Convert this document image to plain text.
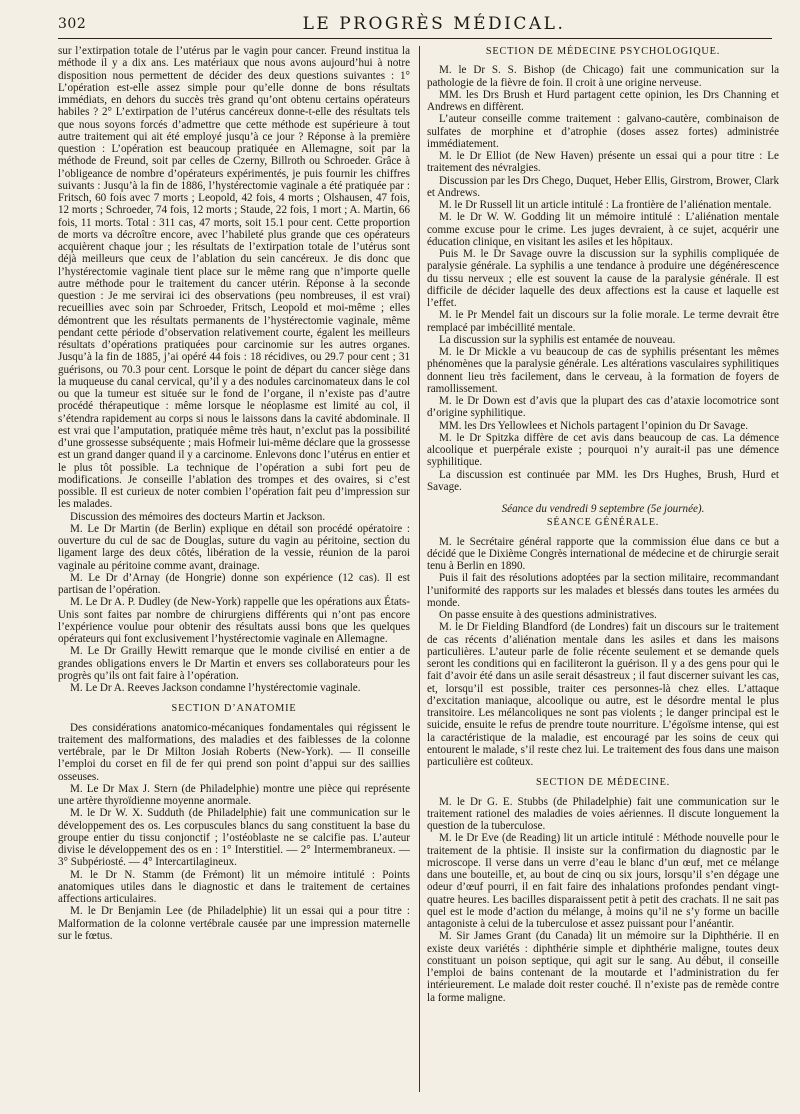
302	LE PROGRÈS MÉDICAL.

sur l’extirpation totale de l’utérus par le vagin pour cancer. Freund institua la méthode il y a dix ans. Les matériaux que nous avons aujourd’hui à notre disposition nous permettent de décider des deux questions suivantes : 1° L’opération est-elle assez simple pour qu’elle donne de bons résultats immédiats, en dehors du succès très grand qu’ont obtenu certains opérateurs habiles ? 2° L’extirpation de l’utérus cancéreux donne-t-elle des résultats tels que nous soyons forcés d’admettre que cette méthode est supérieure à tout autre traitement qui ait été employé jusqu’à ce jour ? Réponse à la première question : L’opération est beaucoup pratiquée en Allemagne, soit par la méthode de Freund, soit par celles de Czerny, Billroth ou Schroeder. Grâce à l’obligeance de nombre d’opérateurs expérimentés, je puis fournir les chiffres suivants : Jusqu’à la fin de 1886, l’hystérectomie vaginale a été pratiquée par : Fritsch, 60 fois avec 7 morts ; Leopold, 42 fois, 4 morts ; Olshausen, 47 fois, 12 morts ; Schroeder, 74 fois, 12 morts ; Staude, 22 fois, 1 mort ; A. Martin, 66 fois, 11 morts. Total : 311 cas, 47 morts, soit 15.1 pour cent. Cette proportion de morts va décroître encore, avec l’habileté plus grande que ces opérateurs acquièrent chaque jour ; les résultats de l’extirpation totale de l’utérus sont déjà meilleurs que ceux de l’ablation du sein cancéreux. Je dis donc que l’hystérectomie vaginale tient place sur le même rang que n’importe quelle autre méthode pour le traitement du cancer utérin. Réponse à la seconde question : Je me servirai ici des observations (peu nombreuses, il est vrai) recueillies avec soin par Schroeder, Fritsch, Leopold et moi-même ; elles démontrent que les résultats permanents de l’hystérectomie vaginale, même pendant cette période d’observation relativement courte, égalent les meilleurs résultats d’opérations pratiquées pour carcinomie sur les autres organes. Jusqu’à la fin de 1885, j’ai opéré 44 fois : 18 récidives, ou 29.7 pour cent ; 31 guérisons, ou 70.3 pour cent. Lorsque le point de départ du cancer siège dans la muqueuse du canal cervical, qu’il y a des nodules carcinomateux dans le col ou que la tumeur est située sur le fond de l’organe, il n’existe pas d’autre procédé thérapeutique : même lorsque le néoplasme est limité au col, il s’étendra rapidement au corps si nous le laissons dans la cavité abdominale. Il est vrai que l’amputation, pratiquée même très haut, n’exclut pas la possibilité d’une grossesse subséquente ; mais Hofmeir lui-même déclare que la grossesse est un grand danger quand il y a carcinome. Enlevons donc l’utérus en entier et le plus tôt possible. La technique de l’opération a subi fort peu de modifications. Je conseille l’ablation des trompes et des ovaires, si c’est possible. Il est curieux de noter combien l’opération fait peu d’impression sur les malades.

Discussion des mémoires des docteurs Martin et Jackson.

M. Le Dr Martin (de Berlin) explique en détail son procédé opératoire : ouverture du cul de sac de Douglas, suture du vagin au péritoine, section du ligament large des deux côtés, libération de la vessie, réunion de la paroi vaginale au péritoine comme avant, drainage.

M. Le Dr d’Arnay (de Hongrie) donne son expérience (12 cas). Il est partisan de l’opération.

M. Le Dr A. P. Dudley (de New-York) rappelle que les opérations aux États-Unis sont faites par nombre de chirurgiens différents qui n’ont pas encore l’expérience voulue pour obtenir des résultats aussi bons que les quelques opérateurs qui font exclusivement l’hystérectomie vaginale en Allemagne.

M. Le Dr Grailly Hewitt remarque que le monde civilisé en entier a de grandes obligations envers le Dr Martin et envers ses collaborateurs pour les progrès qu’ils ont fait faire à l’opération.

M. Le Dr A. Reeves Jackson condamne l’hystérectomie vaginale.

SECTION D’ANATOMIE

Des considérations anatomico-mécaniques fondamentales qui régissent le traitement des malformations, des maladies et des faiblesses de la colonne vertébrale, par le Dr Milton Josiah Roberts (New-York). — Il conseille l’emploi du corset en fil de fer qui prend son point d’appui sur des saillies osseuses.

M. Le Dr Max J. Stern (de Philadelphie) montre une pièce qui représente une artère thyroïdienne moyenne anormale.

M. le Dr W. X. Sudduth (de Philadelphie) fait une communication sur le développement des os. Les corpuscules blancs du sang constituent la base du groupe entier du tissu conjonctif ; l’ostéoblaste ne se calcifie pas. L’auteur divise le développement des os en : 1° Interstitiel. — 2° Intermembraneux. — 3° Subpériosté. — 4° Intercartilagineux.

M. le Dr N. Stamm (de Frémont) lit un mémoire intitulé : Points anatomiques utiles dans le diagnostic et dans le traitement de certaines affections articulaires.

M. le Dr Benjamin Lee (de Philadelphie) lit un essai qui a pour titre : Malformation de la colonne vertébrale causée par une impression maternelle sur le fœtus.

SECTION DE MÉDECINE PSYCHOLOGIQUE.

M. le Dr S. S. Bishop (de Chicago) fait une communication sur la pathologie de la fièvre de foin. Il croit à une origine nerveuse.

MM. les Drs Brush et Hurd partagent cette opinion, les Drs Channing et Andrews en diffèrent.

L’auteur conseille comme traitement : galvano-cautère, combinaison de sulfates de morphine et d’atrophie (doses assez fortes) administrée immédiatement.

M. le Dr Elliot (de New Haven) présente un essai qui a pour titre : Le traitement des névralgies.

Discussion par les Drs Chego, Duquet, Heber Ellis, Girstrom, Brower, Clark et Andrews.

M. le Dr Russell lit un article intitulé : La frontière de l’aliénation mentale.

M. le Dr W. W. Godding lit un mémoire intitulé : L’aliénation mentale comme excuse pour le crime. Les juges devraient, à ce sujet, acquérir une éducation clinique, en visitant les asiles et les hôpitaux.

Puis M. le Dr Savage ouvre la discussion sur la syphilis compliquée de paralysie générale. La syphilis a une tendance à produire une dégénérescence du tissu nerveux ; elle est souvent la cause de la paralysie générale. Il est difficile de décider laquelle des deux affections est la cause et laquelle est l’effet.

M. le Pr Mendel fait un discours sur la folie morale. Le terme devrait être remplacé par imbécillité mentale.

La discussion sur la syphilis est entamée de nouveau.

M. le Dr Mickle a vu beaucoup de cas de syphilis présentant les mêmes phénomènes que la paralysie générale. Les altérations vasculaires syphilitiques donnent lieu très facilement, dans le cerveau, à la formation de foyers de ramollissement.

M. le Dr Down est d’avis que la plupart des cas d’ataxie locomotrice sont d’origine syphilitique.

MM. les Drs Yellowlees et Nichols partagent l’opinion du Dr Savage.

M. le Dr Spitzka diffère de cet avis dans beaucoup de cas. La démence alcoolique et puerpérale existe ; pourquoi n’y aurait-il pas une démence syphilitique.

La discussion est continuée par MM. les Drs Hughes, Brush, Hurd et Savage.

Séance du vendredi 9 septembre (5e journée).

SÉANCE GÉNÉRALE.

M. le Secrétaire général rapporte que la commission élue dans ce but a décidé que le Dixième Congrès international de médecine et de chirurgie serait tenu à Berlin en 1890.

Puis il fait des résolutions adoptées par la section militaire, recommandant l’uniformité des rapports sur les malades et blessés dans toutes les armées du monde.

On passe ensuite à des questions administratives.

M. le Dr Fielding Blandford (de Londres) fait un discours sur le traitement de cas récents d’aliénation mentale dans les asiles et dans les maisons particulières. L’auteur parle de folie récente seulement et se demande quels seront les conditions qui en faciliteront la guérison. Il y a des gens pour qui le fait d’avoir été dans un asile serait désastreux ; il faut discerner suivant les cas, et, lorsqu’il est possible, traiter ces personnes-là chez elles. L’attaque d’excitation maniaque, alcoolique ou autre, est le désordre mental le plus transitoire. Les mélancoliques ne sont pas violents ; le danger principal est le suicide, ensuite le refus de prendre toute nourriture. L’égoïsme intense, qui est la caractéristique de la maladie, est encouragé par les soins de ceux qui entourent le malade, s’il reste chez lui. Le traitement des fous dans une maison particulière est coûteux.

SECTION DE MÉDECINE.

M. le Dr G. E. Stubbs (de Philadelphie) fait une communication sur le traitement rationel des maladies de voies aériennes. Il discute longuement la question de la tuberculose.

M. le Dr Eve (de Reading) lit un article intitulé : Méthode nouvelle pour le traitement de la phtisie. Il insiste sur la confirmation du diagnostic par le microscope. Il verse dans un verre d’eau le blanc d’un œuf, met ce mélange dans une bouteille, et, au bout de cinq ou six jours, lorsqu’il s’en dégage une odeur d’œuf pourri, il en fait faire des inhalations profondes pendant vingt-quatre heures. Les bacilles disparaissent petit à petit des crachats. Il ne sait pas quel est le mode d’action du mélange, à moins qu’il ne s’y forme un bacille antagoniste à celui de la tuberculose et assez puissant pour l’anéantir.

M. Sir James Grant (du Canada) lit un mémoire sur la Diphthérie. Il en existe deux variétés : diphthérie simple et diphthérie maligne, toutes deux constituant un poison septique, qui agit sur le sang. Au début, il conseille l’emploi de bains contenant de la moutarde et l’administration du fer intérieurement. Le malade doit rester couché. Il n’existe pas de remède contre la forme maligne.
